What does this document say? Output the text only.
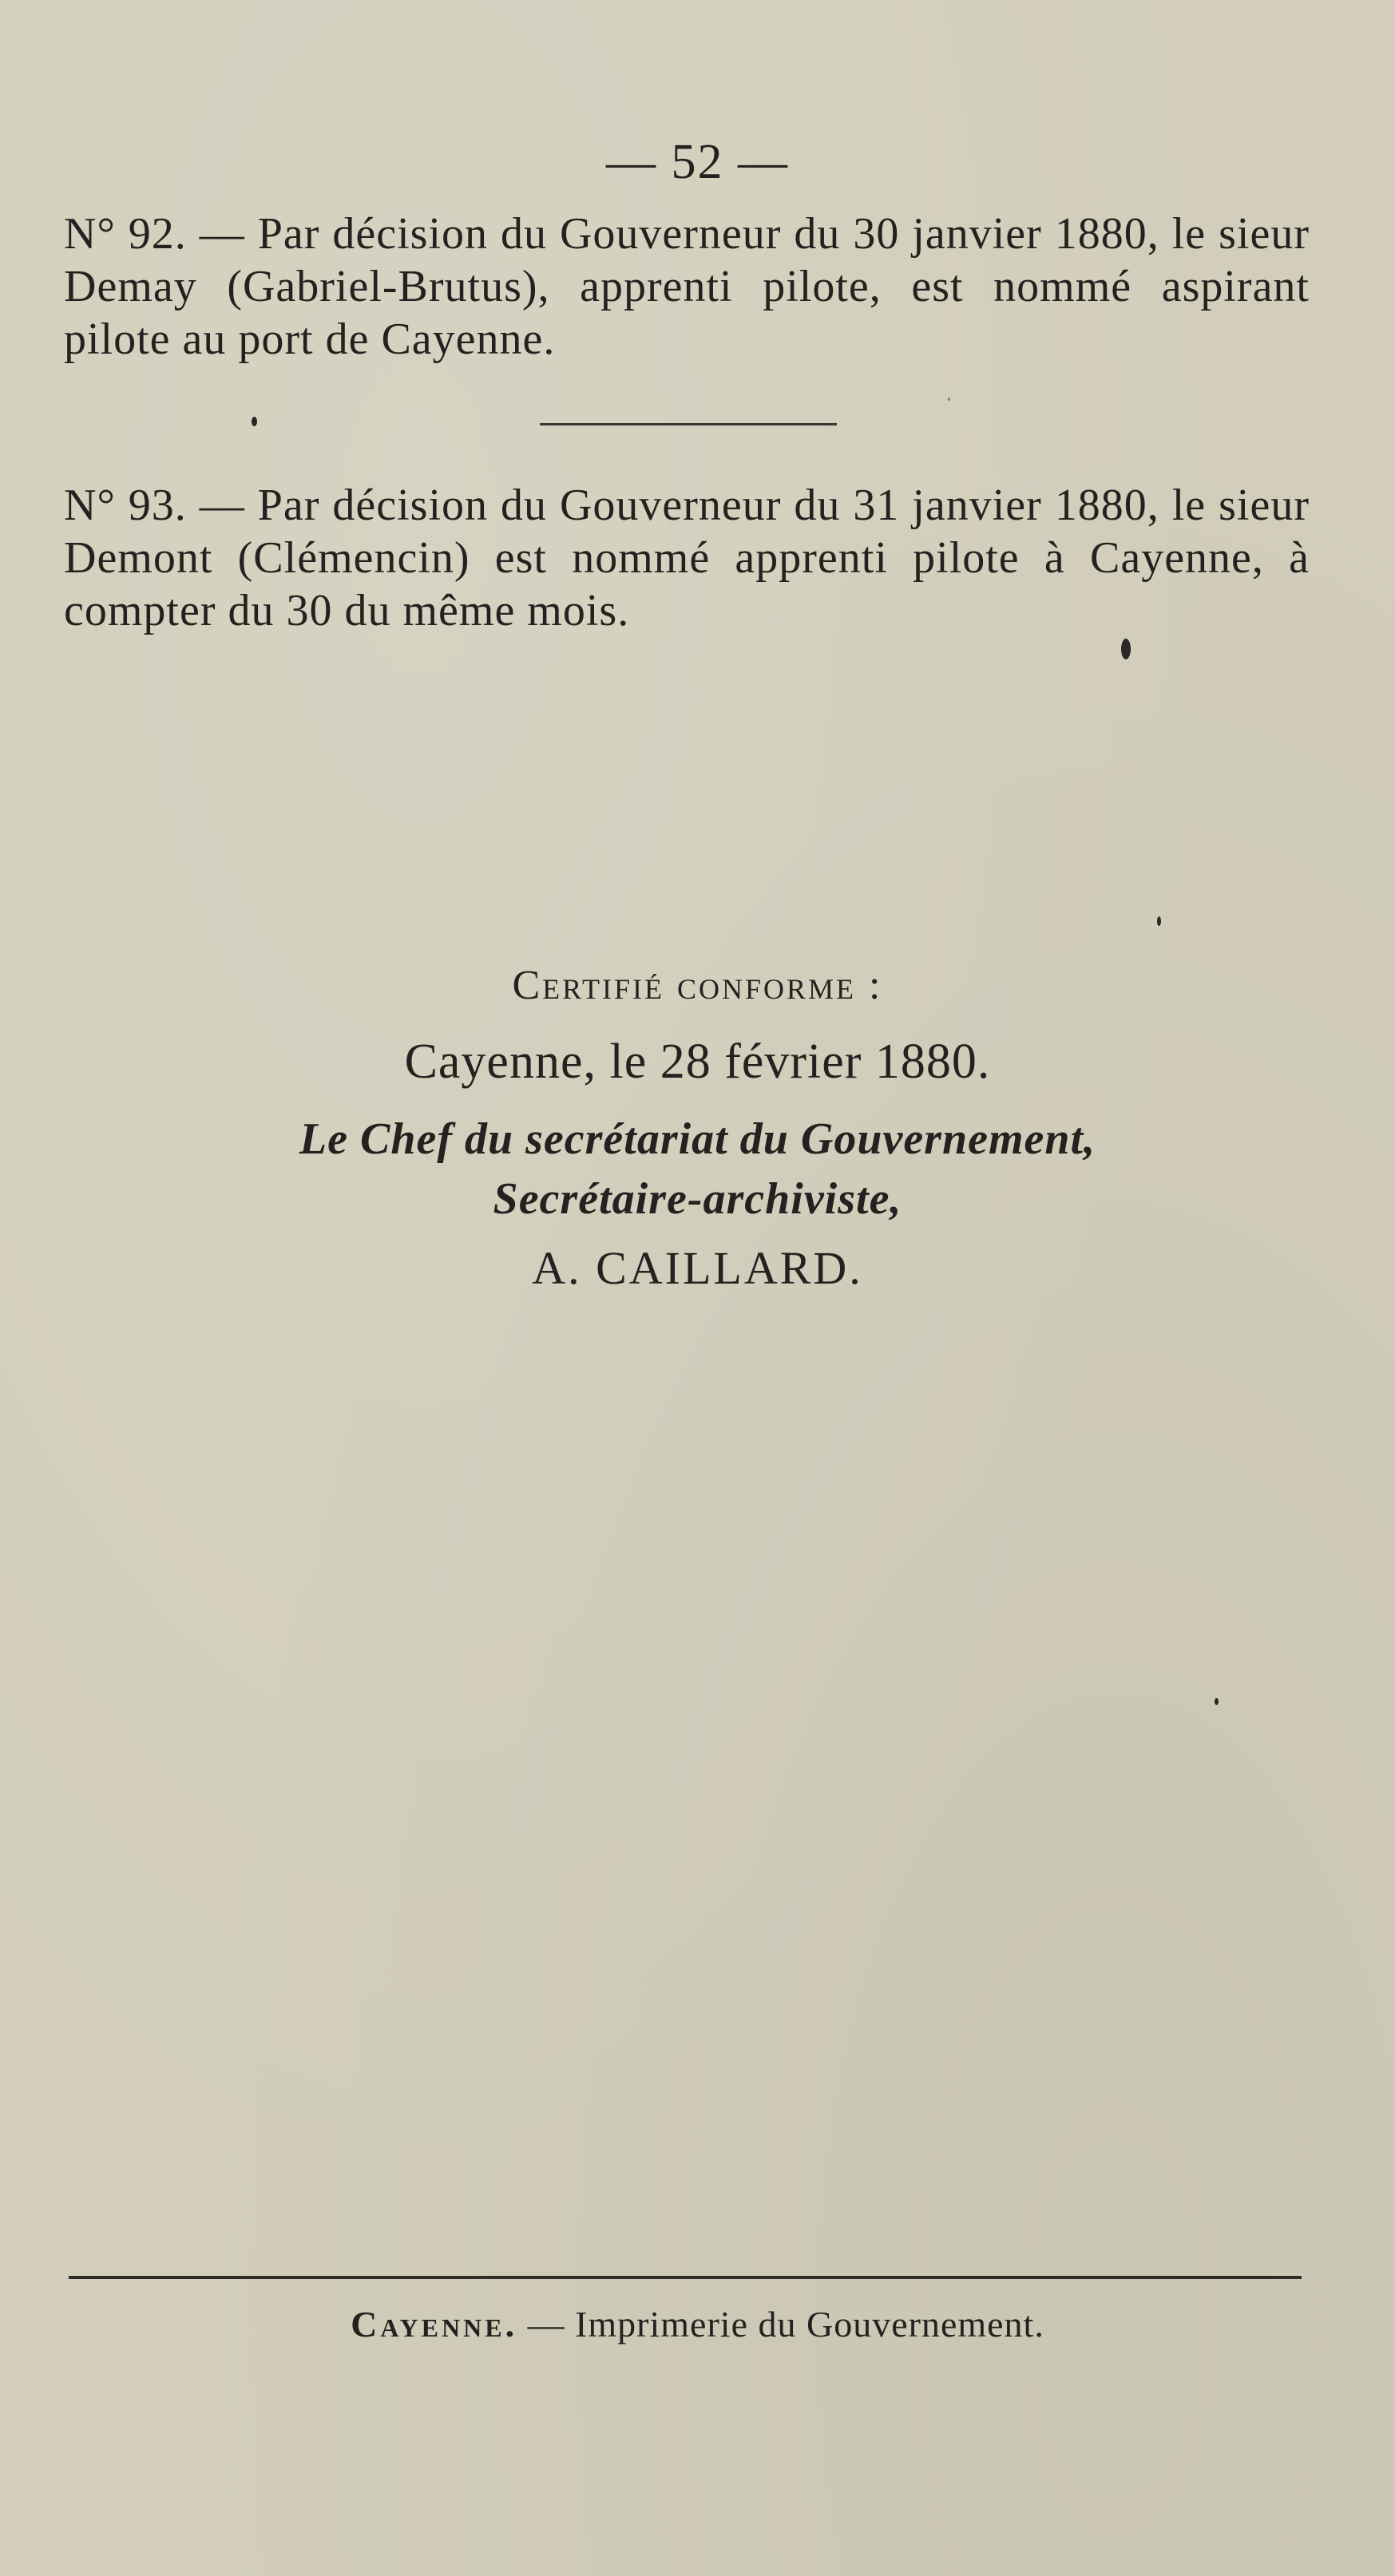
— 52 —

N° 92. — Par décision du Gouverneur du 30 janvier 1880, le sieur Demay (Gabriel-Brutus), apprenti pilote, est nommé aspirant pilote au port de Cayenne.

N° 93. — Par décision du Gouverneur du 31 janvier 1880, le sieur Demont (Clémencin) est nommé apprenti pilote à Cayenne, à compter du 30 du même mois.

Certifié conforme :
Cayenne, le 28 février 1880.
Le Chef du secrétariat du Gouvernement,
Secrétaire-archiviste,
A. CAILLARD.
Cayenne. — Imprimerie du Gouvernement.
